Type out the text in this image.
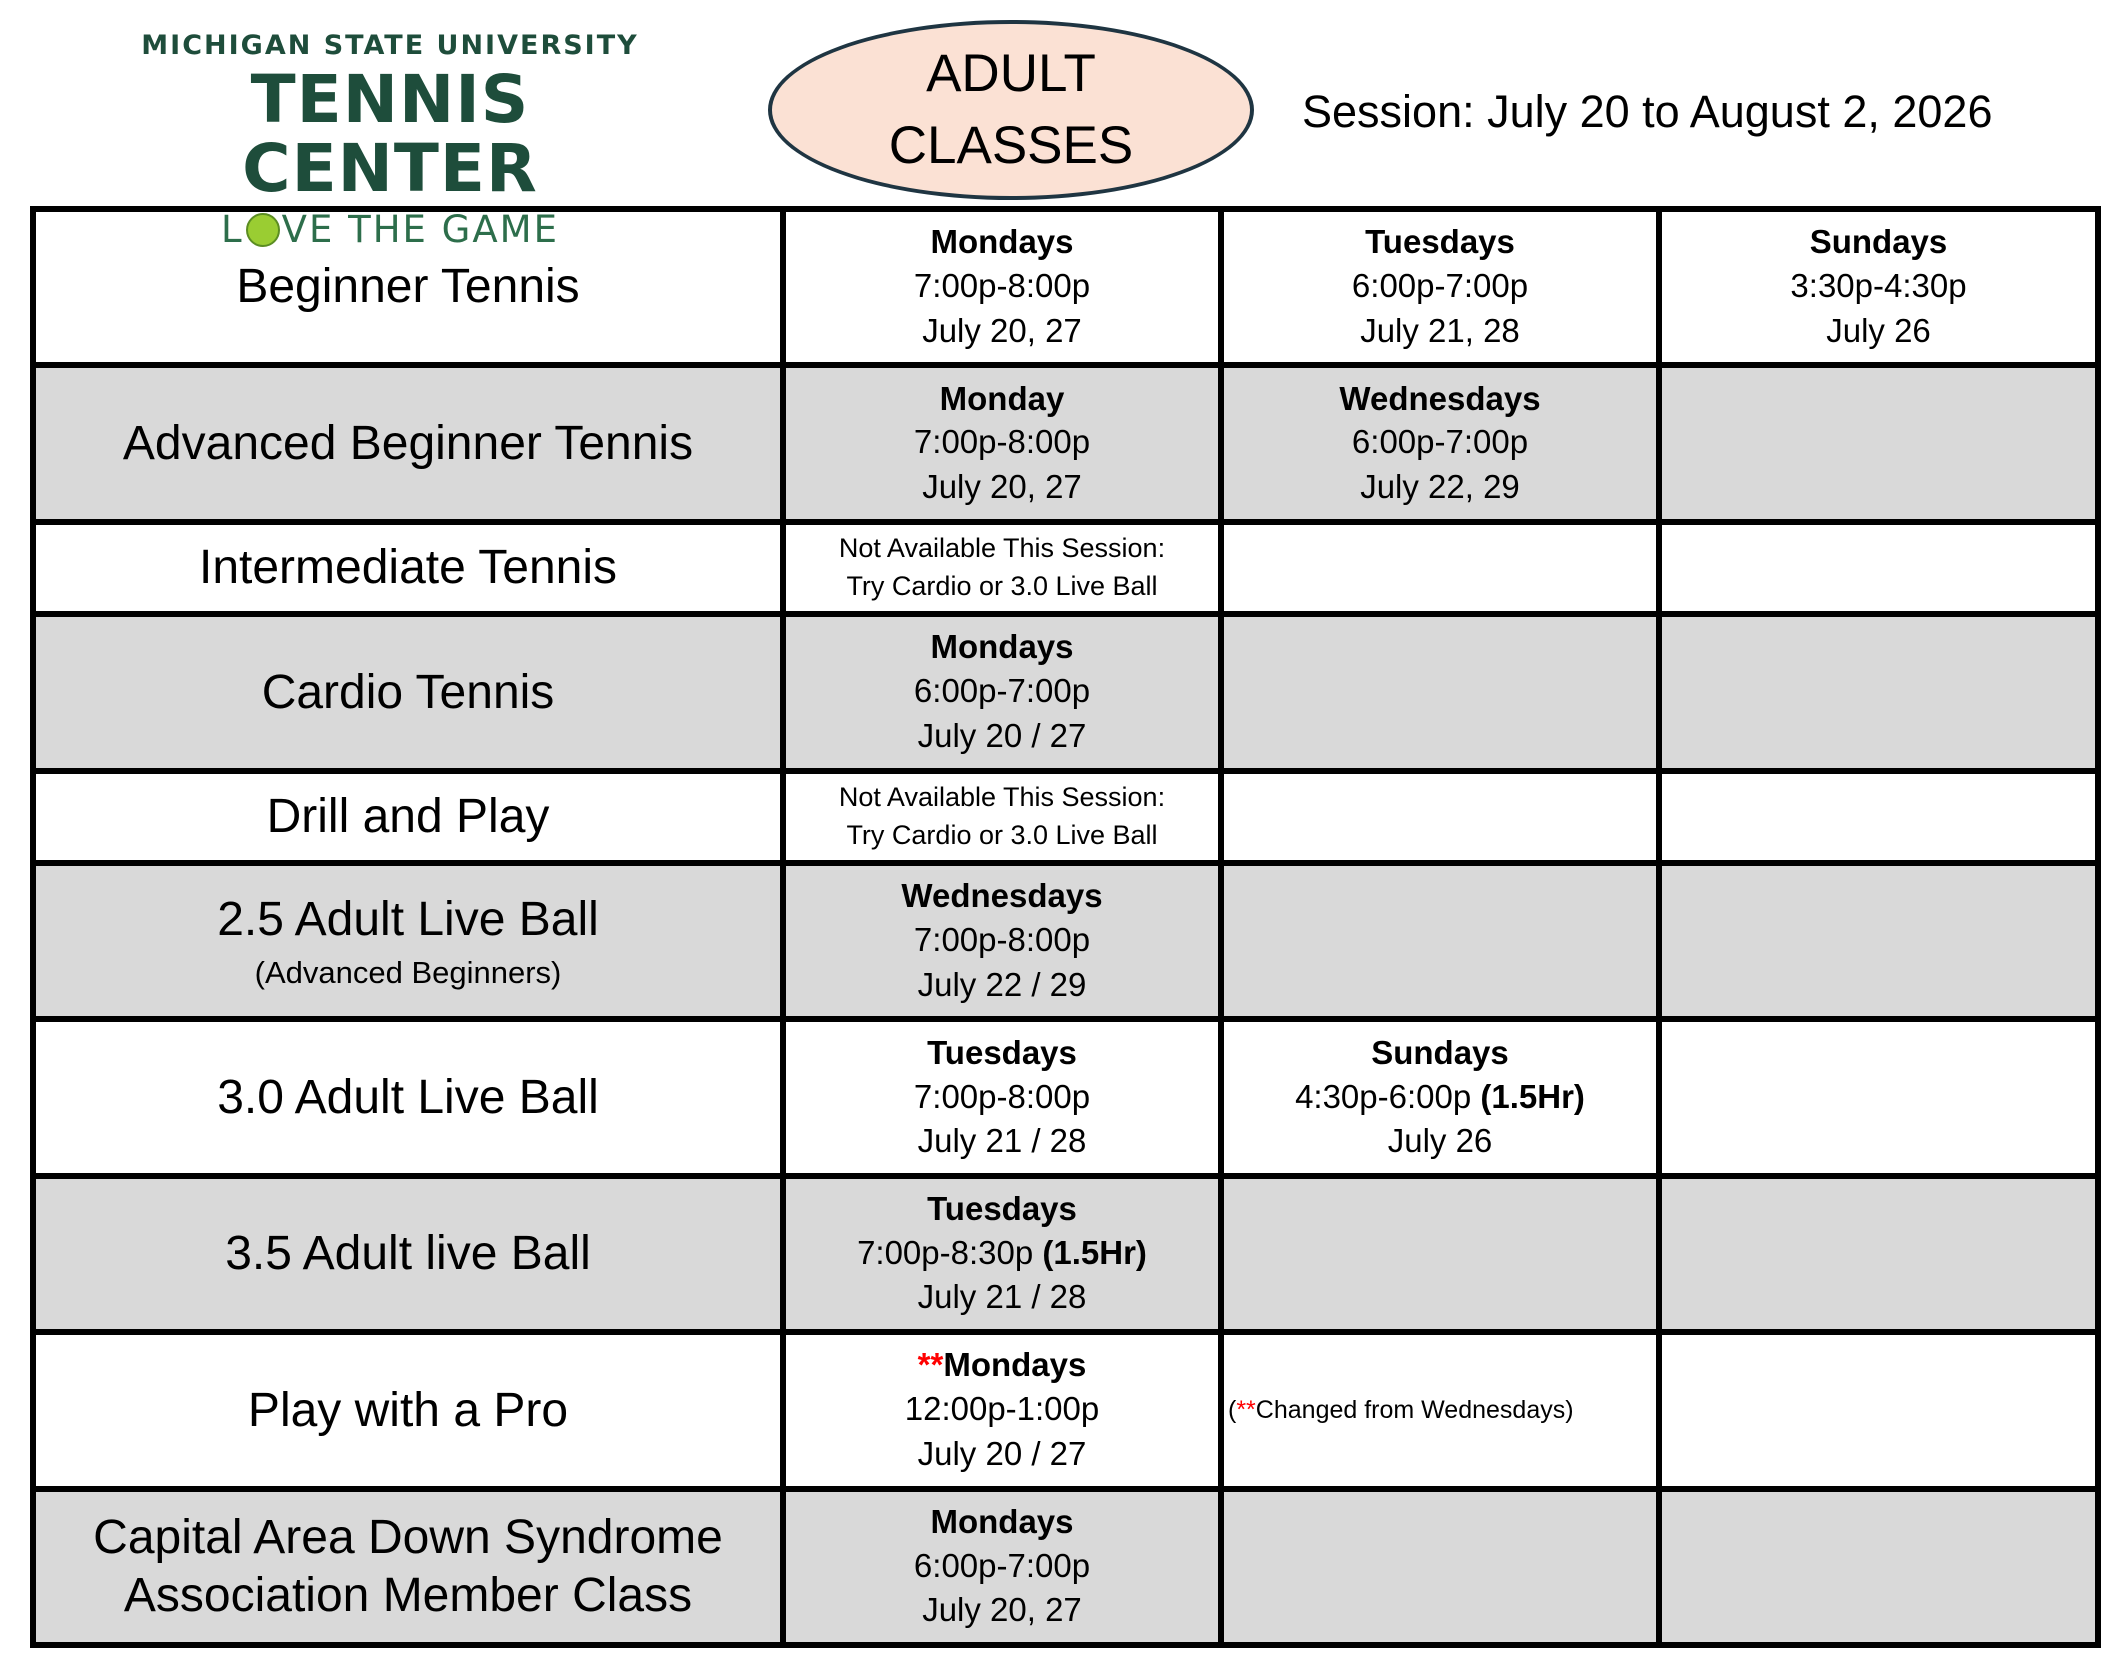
MICHIGAN STATE UNIVERSITY
TENNIS CENTER
L VE THE GAME
ADULT
CLASSES
Session: July 20 to August 2, 2026
Beginner Tennis	Mondays
7:00p-8:00p
July 20, 27	Tuesdays
6:00p-7:00p
July 21, 28	Sundays
3:30p-4:30p
July 26

Advanced Beginner Tennis	Monday
7:00p-8:00p
July 20, 27	Wednesdays
6:00p-7:00p
July 22, 29	

Intermediate Tennis	Not Available This Session:
Try Cardio or 3.0 Live Ball		

Cardio Tennis	Mondays
6:00p-7:00p
July 20 / 27		

Drill and Play	Not Available This Session:
Try Cardio or 3.0 Live Ball		

2.5 Adult Live Ball
(Advanced Beginners)	Wednesdays
7:00p-8:00p
July 22 / 29		

3.0 Adult Live Ball	Tuesdays
7:00p-8:00p
July 21 / 28	Sundays
4:30p-6:00p (1.5Hr)
July 26	

3.5 Adult live Ball	Tuesdays
7:00p-8:30p (1.5Hr)
July 21 / 28		

Play with a Pro	**Mondays
12:00p-1:00p
July 20 / 27	(**Changed from Wednesdays)	

Capital Area Down Syndrome
Association Member Class	Mondays
6:00p-7:00p
July 20, 27		
